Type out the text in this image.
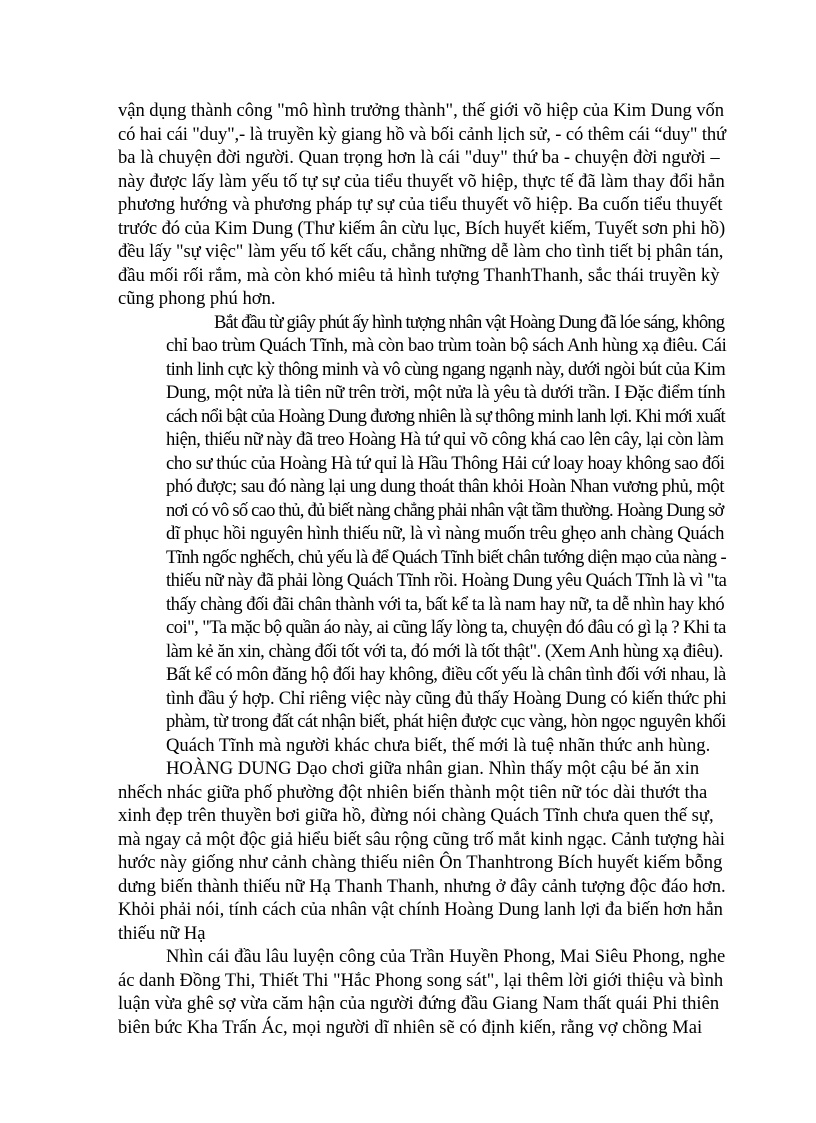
vận dụng thành công "mô hình trưởng thành", thế giới võ hiệp của Kim Dung vốn
có hai cái "duy",- là truyền kỳ giang hồ và bối cảnh lịch sử, - có thêm cái “duy" thứ
ba là chuyện đời người. Quan trọng hơn là cái "duy" thứ ba - chuyện đời người –
này được lấy làm yếu tố tự sự của tiểu thuyết võ hiệp, thực tế đã làm thay đổi hẳn
phương hướng và phương pháp tự sự của tiểu thuyết võ hiệp. Ba cuốn tiểu thuyết
trước đó của Kim Dung (Thư kiếm ân cừu lục, Bích huyết kiếm, Tuyết sơn phi hồ)
đều lấy "sự việc" làm yếu tố kết cấu, chẳng những dễ làm cho tình tiết bị phân tán,
đầu mối rối rắm, mà còn khó miêu tả hình tượng ThanhThanh, sắc thái truyền kỳ
cũng phong phú hơn.
Bắt đầu từ giây phút ấy hình tượng nhân vật Hoàng Dung đã lóe sáng, không
chỉ bao trùm Quách Tĩnh, mà còn bao trùm toàn bộ sách Anh hùng xạ điêu. Cái
tinh linh cực kỳ thông minh và vô cùng ngang ngạnh này, dưới ngòi bút của Kim
Dung, một nửa là tiên nữ trên trời, một nửa là yêu tà dưới trần. I Đặc điểm tính
cách nổi bật của Hoàng Dung đương nhiên là sự thông minh lanh lợi. Khi mới xuất
hiện, thiếu nữ này đã treo Hoàng Hà tứ quỉ võ công khá cao lên cây, lại còn làm
cho sư thúc của Hoàng Hà tứ quỉ là Hầu Thông Hải cứ loay hoay không sao đối
phó được; sau đó nàng lại ung dung thoát thân khỏi Hoàn Nhan vương phủ, một
nơi có vô số cao thủ, đủ biết nàng chẳng phải nhân vật tầm thường. Hoàng Dung sở
dĩ phục hồi nguyên hình thiếu nữ, là vì nàng muốn trêu ghẹo anh chàng Quách
Tĩnh ngốc nghếch, chủ yếu là để Quách Tĩnh biết chân tướng diện mạo của nàng -
thiếu nữ này đã phải lòng Quách Tĩnh rồi. Hoàng Dung yêu Quách Tĩnh là vì "ta
thấy chàng đối đãi chân thành với ta, bất kể ta là nam hay nữ, ta dễ nhìn hay khó
coi", "Ta mặc bộ quần áo này, ai cũng lấy lòng ta, chuyện đó đâu có gì lạ ? Khi ta
làm kẻ ăn xin, chàng đối tốt với ta, đó mới là tốt thật". (Xem Anh hùng xạ điêu).
Bất kể có môn đăng hộ đối hay không, điều cốt yếu là chân tình đối với nhau, là
tình đầu ý hợp. Chỉ riêng việc này cũng đủ thấy Hoàng Dung có kiến thức phi
phàm, từ trong đất cát nhận biết, phát hiện được cục vàng, hòn ngọc nguyên khối
Quách Tĩnh mà người khác chưa biết, thế mới là tuệ nhãn thức anh hùng.
HOÀNG DUNG Dạo chơi giữa nhân gian. Nhìn thấy một cậu bé ăn xin
nhếch nhác giữa phố phường đột nhiên biến thành một tiên nữ tóc dài thướt tha
xinh đẹp trên thuyền bơi giữa hồ, đừng nói chàng Quách Tĩnh chưa quen thế sự,
mà ngay cả một độc giả hiểu biết sâu rộng cũng trố mắt kinh ngạc. Cảnh tượng hài
hước này giống như cảnh chàng thiếu niên Ôn Thanhtrong Bích huyết kiếm bỗng
dưng biến thành thiếu nữ Hạ Thanh Thanh, nhưng ở đây cảnh tượng độc đáo hơn.
Khỏi phải nói, tính cách của nhân vật chính Hoàng Dung lanh lợi đa biến hơn hẳn
thiếu nữ Hạ
Nhìn cái đầu lâu luyện công của Trần Huyền Phong, Mai Siêu Phong, nghe
ác danh Đồng Thi, Thiết Thi "Hắc Phong song sát", lại thêm lời giới thiệu và bình
luận vừa ghê sợ vừa căm hận của người đứng đầu Giang Nam thất quái Phi thiên
biên bức Kha Trấn Ác, mọi người dĩ nhiên sẽ có định kiến, rằng vợ chồng Mai
